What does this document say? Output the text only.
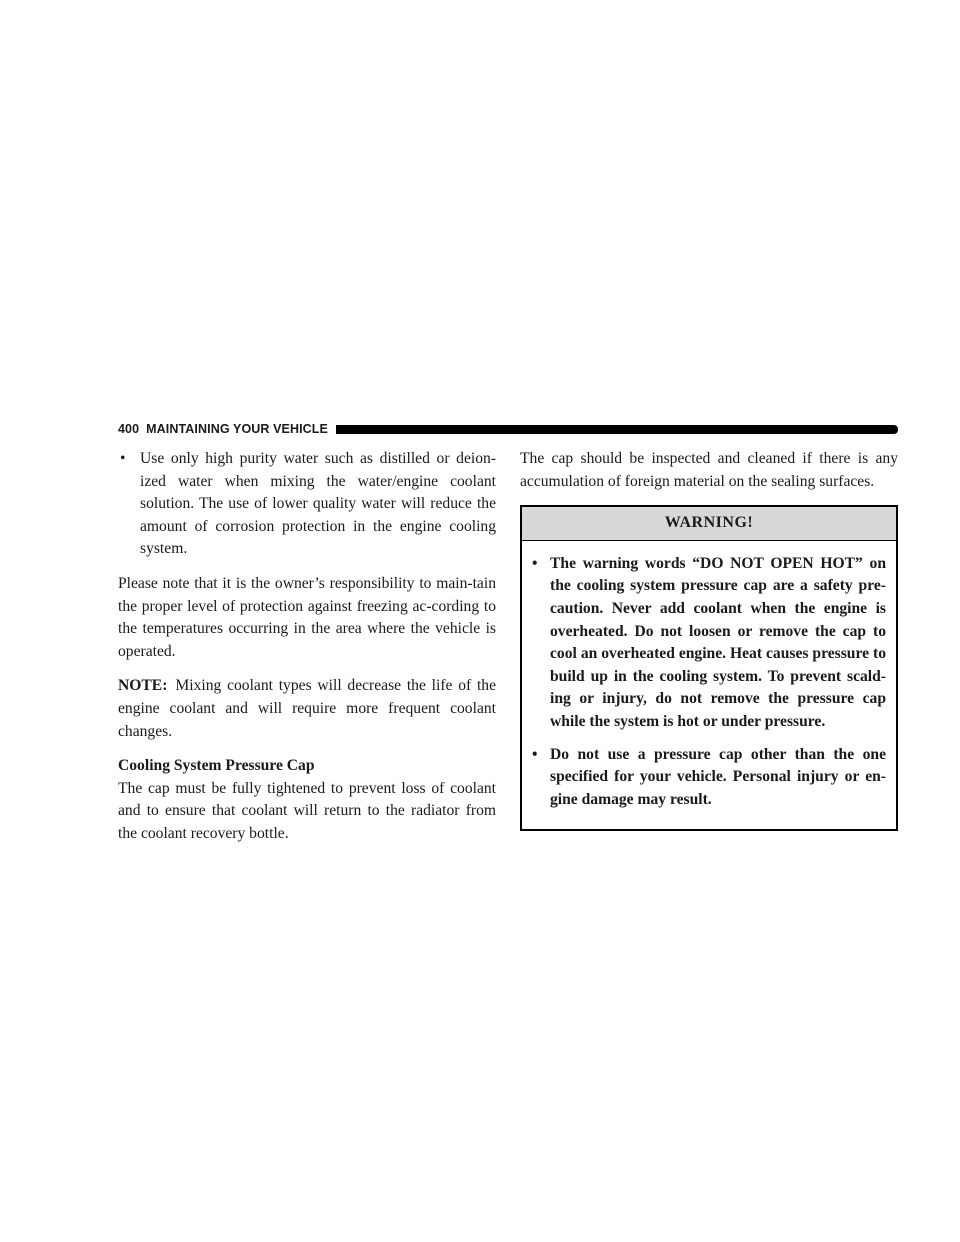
400 MAINTAINING YOUR VEHICLE
• Use only high purity water such as distilled or deion-ized water when mixing the water/engine coolant solution. The use of lower quality water will reduce the amount of corrosion protection in the engine cooling system.

Please note that it is the owner’s responsibility to main-tain the proper level of protection against freezing ac-cording to the temperatures occurring in the area where the vehicle is operated.

NOTE: Mixing coolant types will decrease the life of the engine coolant and will require more frequent coolant changes.

Cooling System Pressure Cap

The cap must be fully tightened to prevent loss of coolant and to ensure that coolant will return to the radiator from the coolant recovery bottle.

The cap should be inspected and cleaned if there is any accumulation of foreign material on the sealing surfaces.

WARNING!
• The warning words “DO NOT OPEN HOT” on the cooling system pressure cap are a safety pre-caution. Never add coolant when the engine is overheated. Do not loosen or remove the cap to cool an overheated engine. Heat causes pressure to build up in the cooling system. To prevent scald-ing or injury, do not remove the pressure cap while the system is hot or under pressure.
• Do not use a pressure cap other than the one specified for your vehicle. Personal injury or en-gine damage may result.
